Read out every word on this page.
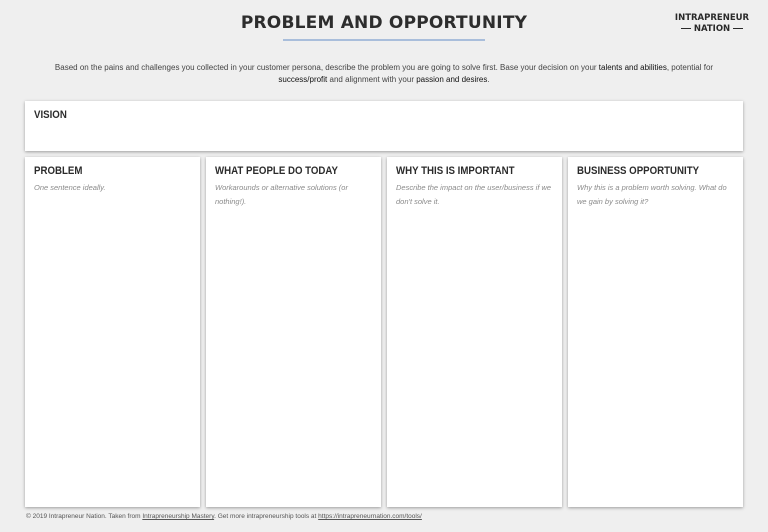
PROBLEM AND OPPORTUNITY	INTRAPRENEUR
NATION
Based on the pains and challenges you collected in your customer persona, describe the problem you are going to solve first. Base your decision on your talents and abilities, potential for success/profit and alignment with your passion and desires.
VISION
PROBLEM
One sentence ideally.
WHAT PEOPLE DO TODAY
Workarounds or alternative solutions (or nothing!).
WHY THIS IS IMPORTANT
Describe the impact on the user/business if we don't solve it.
BUSINESS OPPORTUNITY
Why this is a problem worth solving. What do we gain by solving it?
© 2019 Intrapreneur Nation. Taken from Intrapreneurship Mastery. Get more intrapreneurship tools at https://intrapreneurnation.com/tools/
